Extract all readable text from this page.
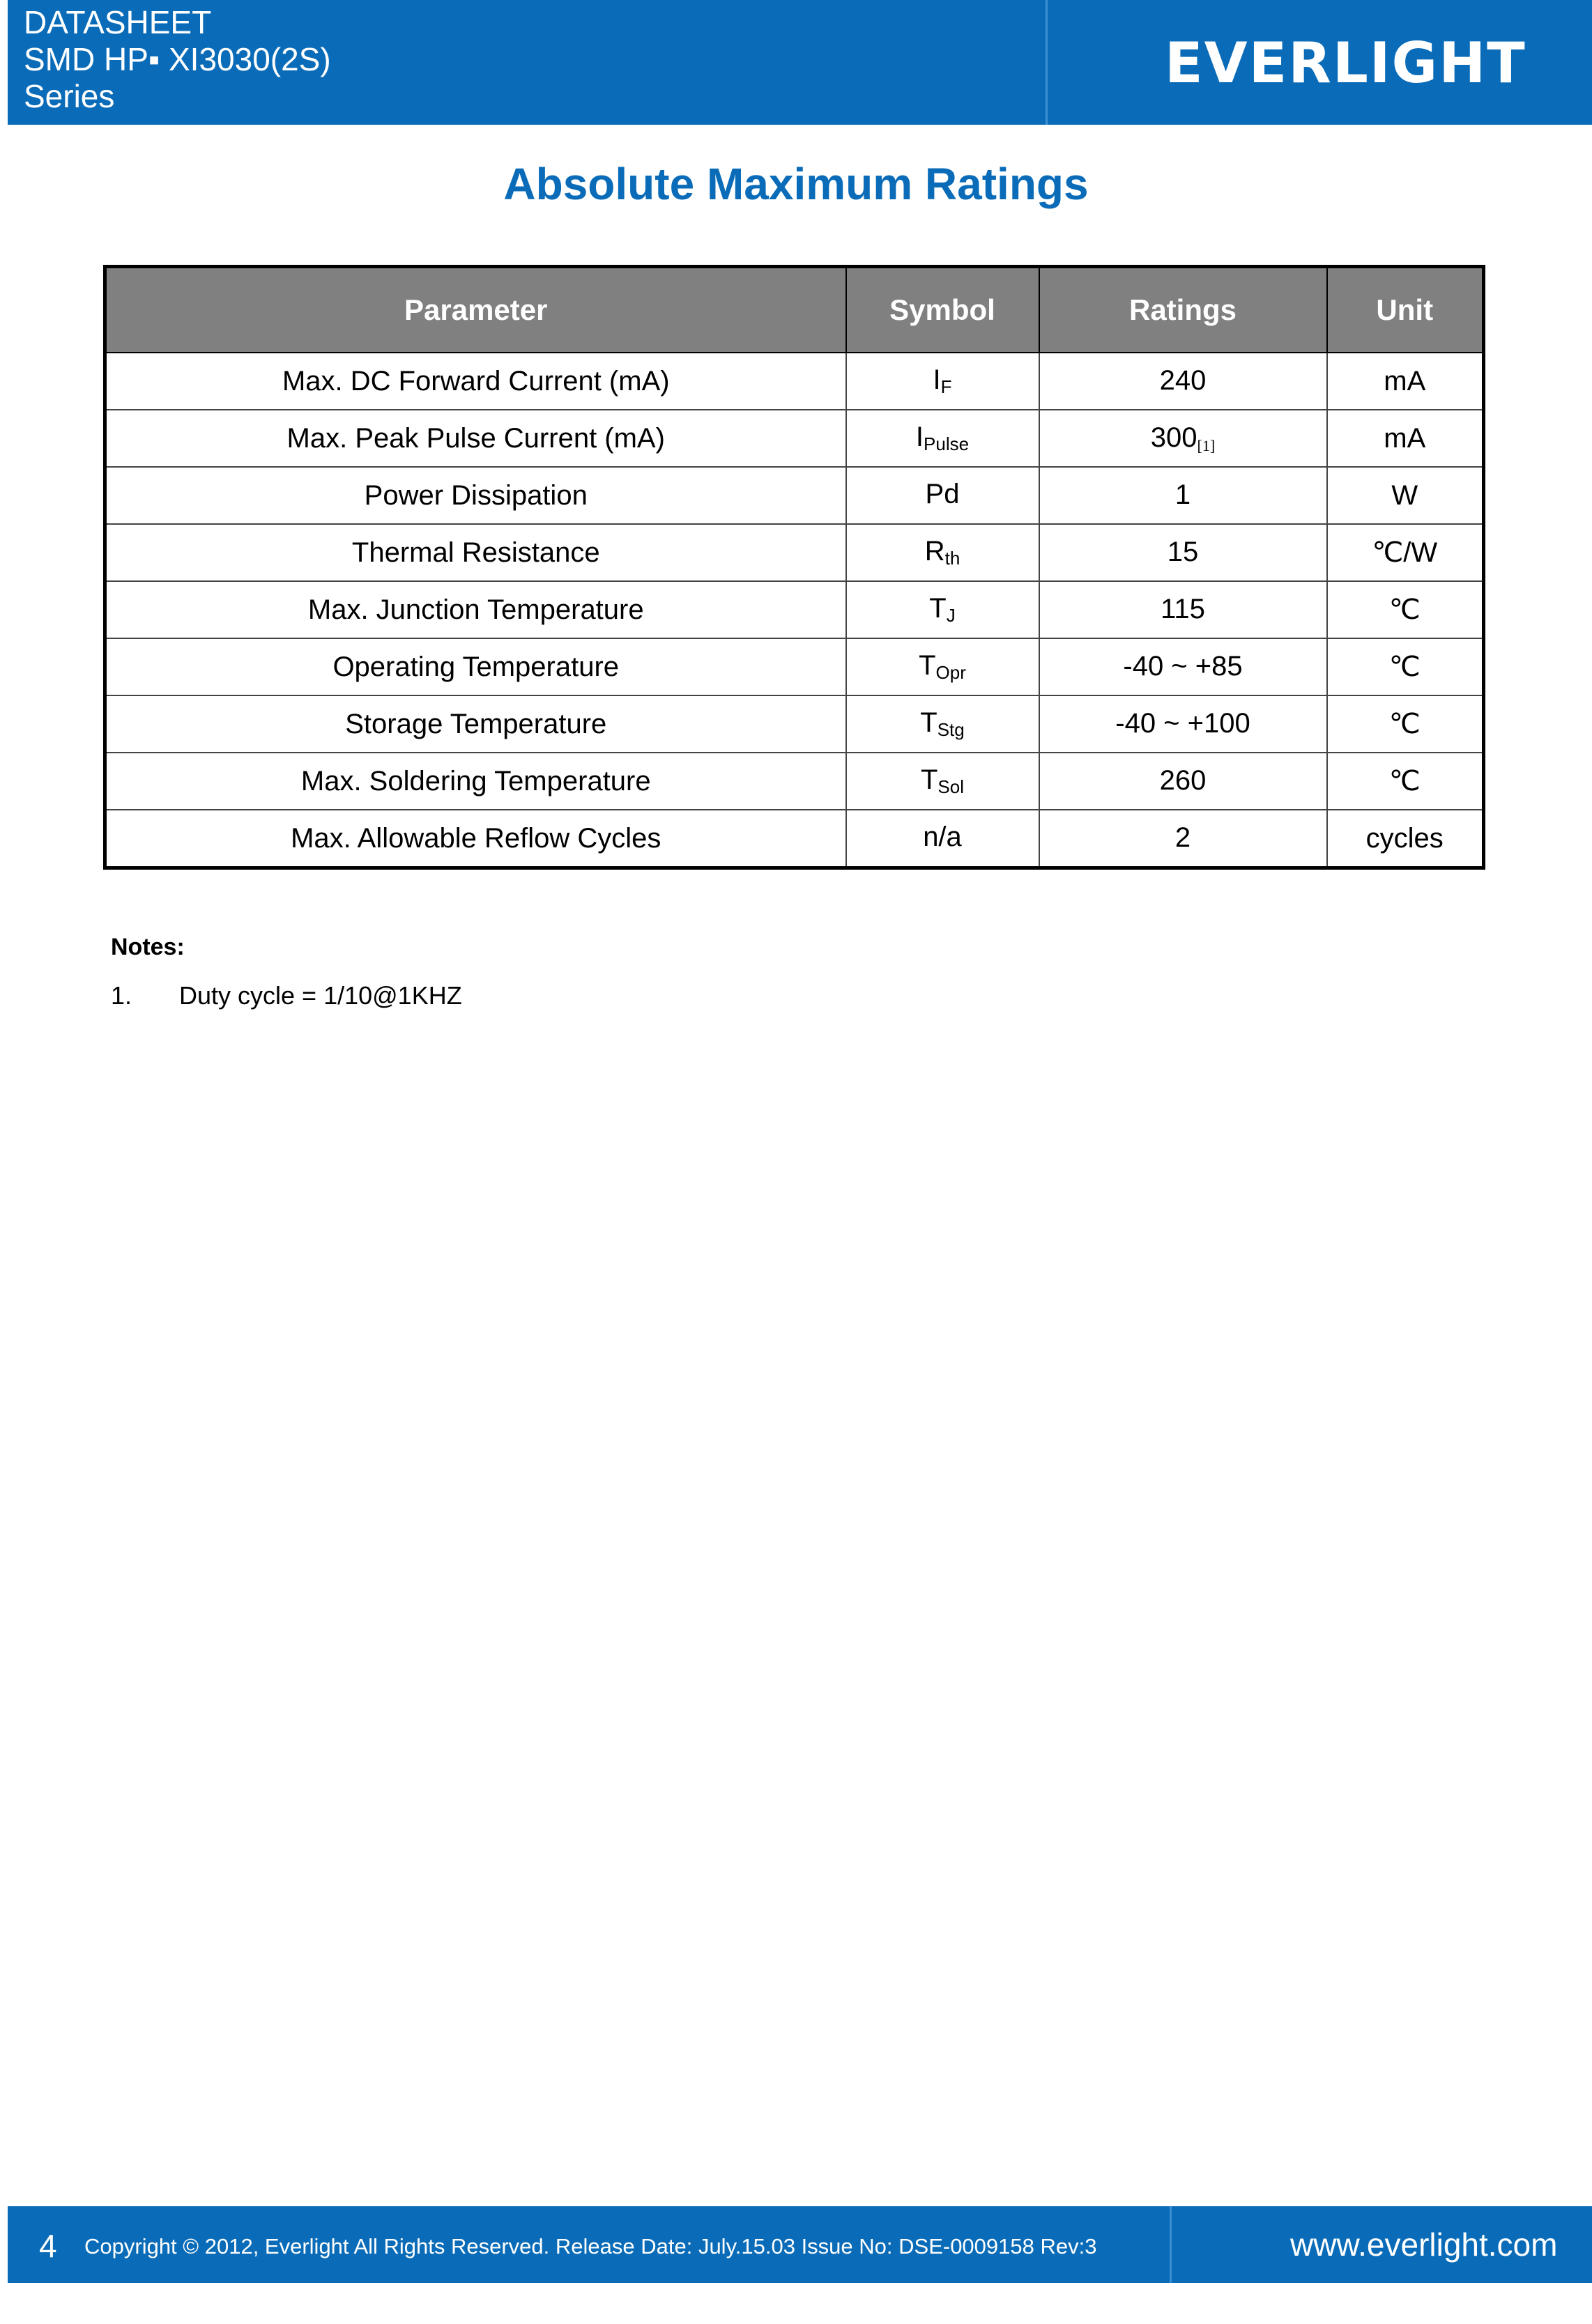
DATASHEET
SMD HP▪ XI3030(2S)
Series
EVERLIGHT
Absolute Maximum Ratings
Parameter	Symbol	Ratings	Unit
Max. DC Forward Current (mA)	$I_F$	240	mA
Max. Peak Pulse Current (mA)	$I_{Pulse}$	300[1]	mA
Power Dissipation	Pd	1	W
Thermal Resistance	$R_{th}$	15	℃/W
Max. Junction Temperature	$T_J$	115	℃
Operating Temperature	$T_{Opr}$	-40 ~ +85	℃
Storage Temperature	$T_{Stg}$	-40 ~ +100	℃
Max. Soldering Temperature	$T_{Sol}$	260	℃
Max. Allowable Reflow Cycles	n/a	2	cycles
Notes:
1. Duty cycle = 1/10@1KHZ
4 Copyright © 2012, Everlight All Rights Reserved. Release Date: July.15.03 Issue No: DSE-0009158 Rev:3	www.everlight.com
